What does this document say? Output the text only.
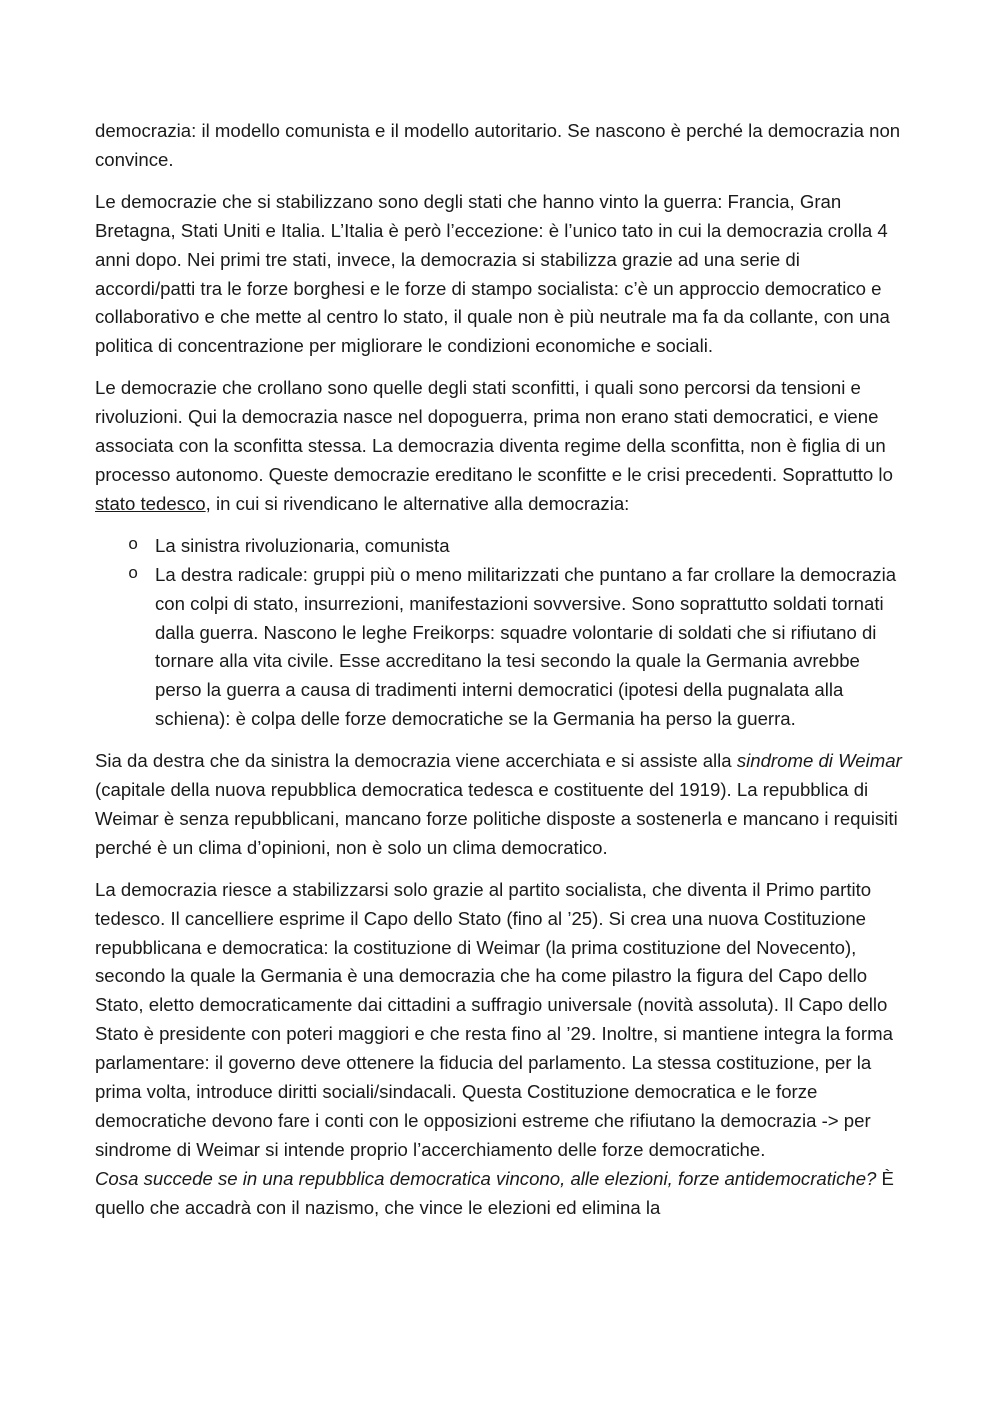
democrazia: il modello comunista e il modello autoritario. Se nascono è perché la democrazia non convince.

Le democrazie che si stabilizzano sono degli stati che hanno vinto la guerra: Francia, Gran Bretagna, Stati Uniti e Italia. L’Italia è però l’eccezione: è l’unico tato in cui la democrazia crolla 4 anni dopo. Nei primi tre stati, invece, la democrazia si stabilizza grazie ad una serie di accordi/patti tra le forze borghesi e le forze di stampo socialista: c’è un approccio democratico e collaborativo e che mette al centro lo stato, il quale non è più neutrale ma fa da collante, con una politica di concentrazione per migliorare le condizioni economiche e sociali.

Le democrazie che crollano sono quelle degli stati sconfitti, i quali sono percorsi da tensioni e rivoluzioni. Qui la democrazia nasce nel dopoguerra, prima non erano stati democratici, e viene associata con la sconfitta stessa. La democrazia diventa regime della sconfitta, non è figlia di un processo autonomo. Queste democrazie ereditano le sconfitte e le crisi precedenti. Soprattutto lo stato tedesco, in cui si rivendicano le alternative alla democrazia:

o La sinistra rivoluzionaria, comunista
o La destra radicale: gruppi più o meno militarizzati che puntano a far crollare la democrazia con colpi di stato, insurrezioni, manifestazioni sovversive. Sono soprattutto soldati tornati dalla guerra. Nascono le leghe Freikorps: squadre volontarie di soldati che si rifiutano di tornare alla vita civile. Esse accreditano la tesi secondo la quale la Germania avrebbe perso la guerra a causa di tradimenti interni democratici (ipotesi della pugnalata alla schiena): è colpa delle forze democratiche se la Germania ha perso la guerra.

Sia da destra che da sinistra la democrazia viene accerchiata e si assiste alla sindrome di Weimar (capitale della nuova repubblica democratica tedesca e costituente del 1919). La repubblica di Weimar è senza repubblicani, mancano forze politiche disposte a sostenerla e mancano i requisiti perché è un clima d’opinioni, non è solo un clima democratico.

La democrazia riesce a stabilizzarsi solo grazie al partito socialista, che diventa il Primo partito tedesco. Il cancelliere esprime il Capo dello Stato (fino al ’25). Si crea una nuova Costituzione repubblicana e democratica: la costituzione di Weimar (la prima costituzione del Novecento), secondo la quale la Germania è una democrazia che ha come pilastro la figura del Capo dello Stato, eletto democraticamente dai cittadini a suffragio universale (novità assoluta). Il Capo dello Stato è presidente con poteri maggiori e che resta fino al ’29. Inoltre, si mantiene integra la forma parlamentare: il governo deve ottenere la fiducia del parlamento. La stessa costituzione, per la prima volta, introduce diritti sociali/sindacali. Questa Costituzione democratica e le forze democratiche devono fare i conti con le opposizioni estreme che rifiutano la democrazia -> per sindrome di Weimar si intende proprio l’accerchiamento delle forze democratiche.

Cosa succede se in una repubblica democratica vincono, alle elezioni, forze antidemocratiche? È quello che accadrà con il nazismo, che vince le elezioni ed elimina la
